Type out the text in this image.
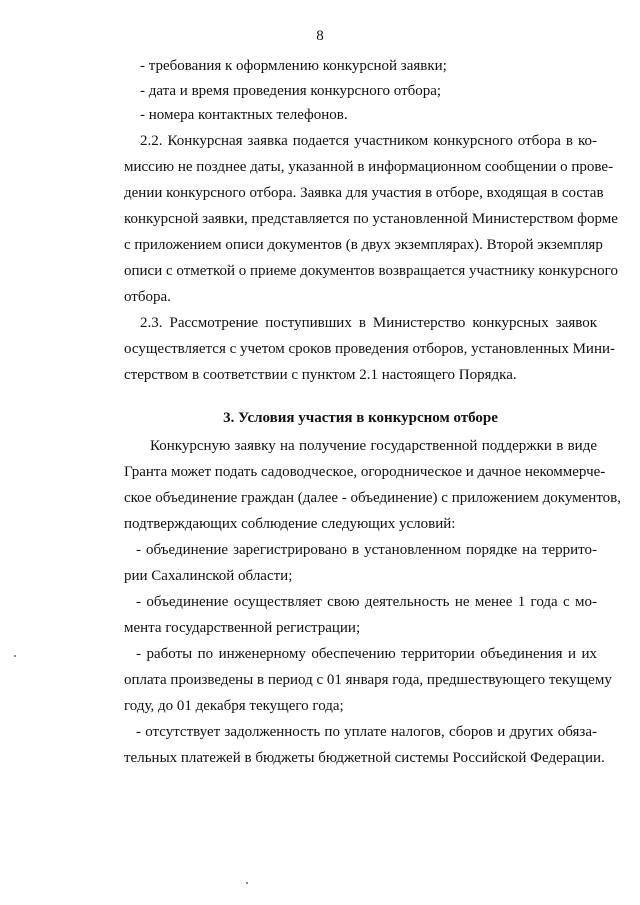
8
- требования к оформлению конкурсной заявки;
- дата и время проведения конкурсного отбора;
- номера контактных телефонов.
2.2. Конкурсная заявка подается участником конкурсного отбора в ко-
миссию не позднее даты, указанной в информационном сообщении о прове-
дении конкурсного отбора. Заявка для участия в отборе, входящая в состав
конкурсной заявки, представляется по установленной Министерством форме
с приложением описи документов (в двух экземплярах). Второй экземпляр
описи с отметкой о приеме документов возвращается участнику конкурсного
отбора.
2.3. Рассмотрение поступивших в Министерство конкурсных заявок
осуществляется с учетом сроков проведения отборов, установленных Мини-
стерством в соответствии с пунктом 2.1 настоящего Порядка.
3. Условия участия в конкурсном отборе
Конкурсную заявку на получение государственной поддержки в виде
Гранта может подать садоводческое, огородническое и дачное некоммерче-
ское объединение граждан (далее - объединение) с приложением документов,
подтверждающих соблюдение следующих условий:
- объединение зарегистрировано в установленном порядке на террито-
рии Сахалинской области;
- объединение осуществляет свою деятельность не менее 1 года с мо-
мента государственной регистрации;
- работы по инженерному обеспечению территории объединения и их
оплата произведены в период с 01 января года, предшествующего текущему
году, до 01 декабря текущего года;
- отсутствует задолженность по уплате налогов, сборов и других обяза-
тельных платежей в бюджеты бюджетной системы Российской Федерации.
